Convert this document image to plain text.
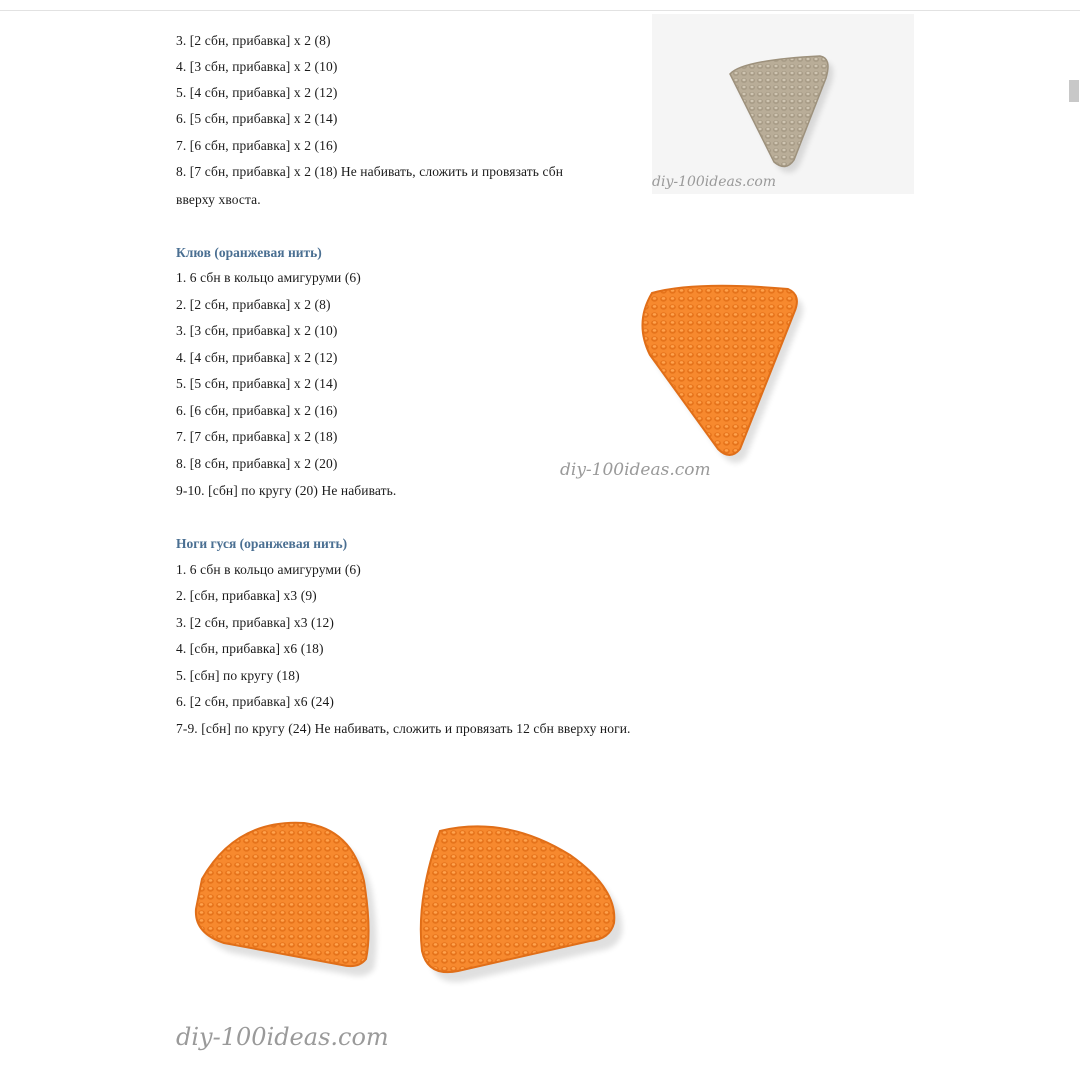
3. [2 сбн, прибавка] х 2 (8)
4. [3 сбн, прибавка] х 2 (10)
5. [4 сбн, прибавка] х 2 (12)
6. [5 сбн, прибавка] х 2 (14)
7. [6 сбн, прибавка] х 2 (16)
8. [7 сбн, прибавка] х 2 (18) Не набивать, сложить и провязать сбн
вверху хвоста.
diy-100ideas.com
Клюв (оранжевая нить)
1. 6 сбн в кольцо амигуруми (6)
2. [2 сбн, прибавка] х 2 (8)
3. [3 сбн, прибавка] х 2 (10)
4. [4 сбн, прибавка] х 2 (12)
5. [5 сбн, прибавка] х 2 (14)
6. [6 сбн, прибавка] х 2 (16)
7. [7 сбн, прибавка] х 2 (18)
8. [8 сбн, прибавка] х 2 (20)
9-10. [сбн] по кругу (20) Не набивать.
diy-100ideas.com
Ноги гуся (оранжевая нить)
1. 6 сбн в кольцо амигуруми (6)
2. [сбн, прибавка] х3 (9)
3. [2 сбн, прибавка] х3 (12)
4. [сбн, прибавка] х6 (18)
5. [сбн] по кругу (18)
6. [2 сбн, прибавка] х6 (24)
7-9. [сбн] по кругу (24) Не набивать, сложить и провязать 12 сбн вверху ноги.
diy-100ideas.com
